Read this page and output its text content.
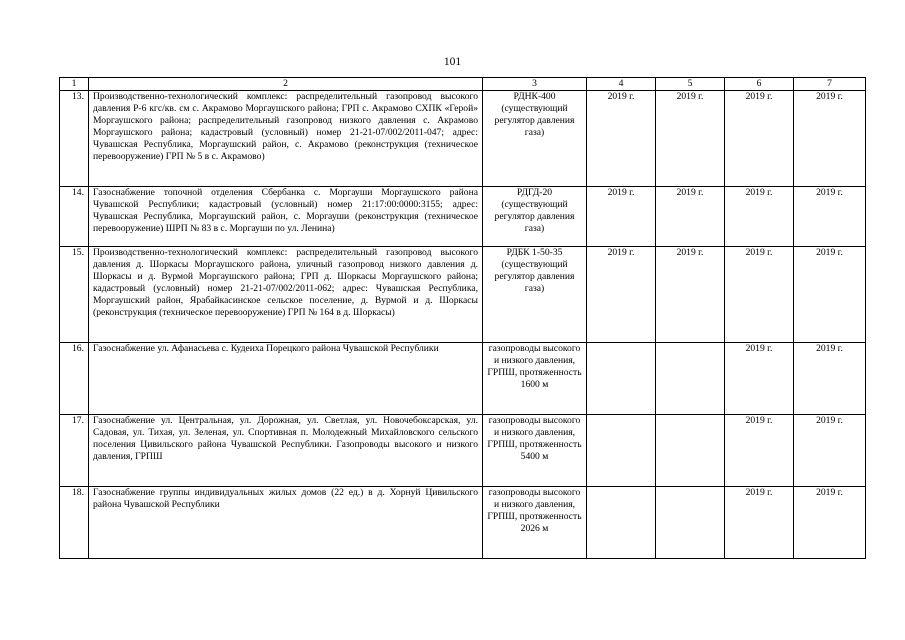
101
1	2	3	4	5	6	7
13.	Производственно-технологический комплекс: распределительный газопровод высокого давления Р-6 кгс/кв. см с. Акрамово Моргаушского района; ГРП с. Акрамово СХПК «Герой» Моргаушского района; распределительный газопровод низкого давления с. Акрамово Моргаушского района; кадастровый (условный) номер 21-21-07/002/2011-047; адрес: Чувашская Республика, Моргаушский район, с. Акрамово (реконструкция (техническое перевооружение) ГРП № 5 в с. Акрамово)	РДНК-400 (существующий регулятор давления газа)	2019 г.	2019 г.	2019 г.	2019 г.
14.	Газоснабжение топочной отделения Сбербанка с. Моргауши Моргаушского района Чувашской Республики; кадастровый (условный) номер 21:17:00:0000:3155; адрес: Чувашская Республика, Моргаушский район, с. Моргауши (реконструкция (техническое перевооружение) ШРП № 83 в с. Моргауши по ул. Ленина)	РДГД-20 (существующий регулятор давления газа)	2019 г.	2019 г.	2019 г.	2019 г.
15.	Производственно-технологический комплекс: распределительный газопровод высокого давления д. Шоркасы Моргаушского района, уличный газопровод низкого давления д. Шоркасы и д. Вурмой Моргаушского района; ГРП д. Шоркасы Моргаушского района; кадастровый (условный) номер 21-21-07/002/2011-062; адрес: Чувашская Республика, Моргаушский район, Ярабайкасинское сельское поселение, д. Вурмой и д. Шоркасы (реконструкция (техническое перевооружение) ГРП № 164 в д. Шоркасы)	РДБК 1-50-35 (существующий регулятор давления газа)	2019 г.	2019 г.	2019 г.	2019 г.
16.	Газоснабжение ул. Афанасьева с. Кудеиха Порецкого района Чувашской Республики	газопроводы высокого и низкого давления, ГРПШ, протяженность 1600 м			2019 г.	2019 г.
17.	Газоснабжение ул. Центральная, ул. Дорожная, ул. Светлая, ул. Новочебоксарская, ул. Садовая, ул. Тихая, ул. Зеленая, ул. Спортивная п. Молодежный Михайловского сельского поселения Цивильского района Чувашской Республики. Газопроводы высокого и низкого давления, ГРПШ	газопроводы высокого и низкого давления, ГРПШ, протяженность 5400 м			2019 г.	2019 г.
18.	Газоснабжение группы индивидуальных жилых домов (22 ед.) в д. Хорнуй Цивильского района Чувашской Республики	газопроводы высокого и низкого давления, ГРПШ, протяженность 2026 м			2019 г.	2019 г.
